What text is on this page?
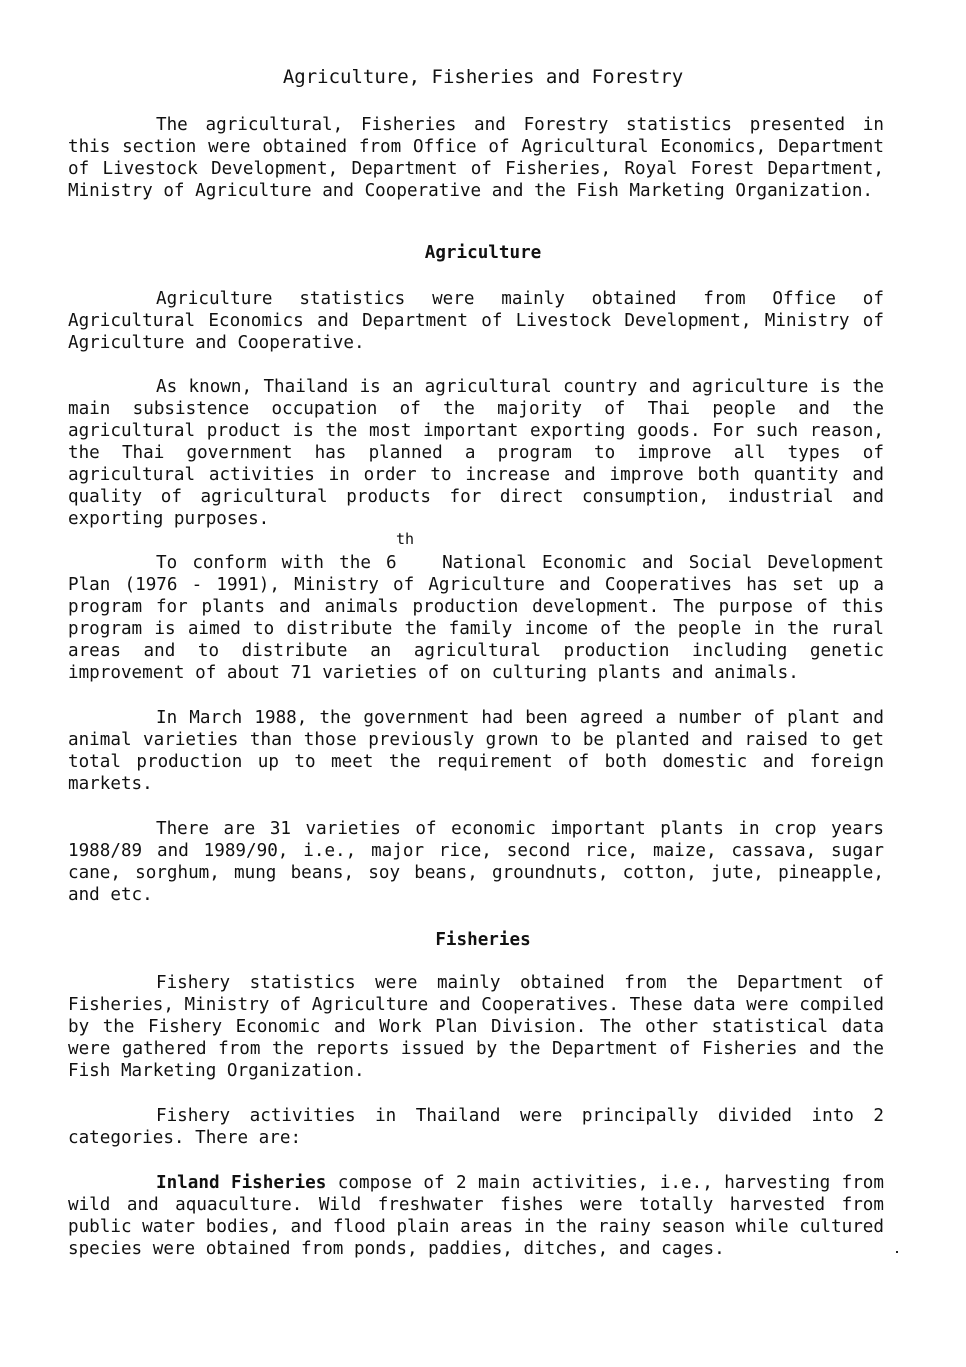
Agriculture, Fisheries and Forestry

The agricultural, Fisheries and Forestry statistics presented in this section were obtained from Office of Agricultural Economics, Department of Livestock Development, Department of Fisheries, Royal Forest Department, Ministry of Agriculture and Cooperative and the Fish Marketing Organization.

Agriculture

Agriculture statistics were mainly obtained from Office of Agricultural Economics and Department of Livestock Development, Ministry of Agriculture and Cooperative.

As known, Thailand is an agricultural country and agriculture is the main subsistence occupation of the majority of Thai people and the agricultural product is the most important exporting goods. For such reason, the Thai government has planned a program to improve all types of agricultural activities in order to increase and improve both quantity and quality of agricultural products for direct consumption, industrial and exporting purposes.

th

To conform with the 6	National Economic and Social Development Plan (1976 - 1991), Ministry of Agriculture and Cooperatives has set up a program for plants and animals production development. The purpose of this program is aimed to distribute the family income of the people in the rural areas and to distribute an agricultural production including genetic improvement of about 71 varieties of on culturing plants and animals.

In March 1988, the government had been agreed a number of plant and animal varieties than those previously grown to be planted and raised to get total production up to meet the requirement of both domestic and foreign markets.

There are 31 varieties of economic important plants in crop years 1988/89 and 1989/90, i.e., major rice, second rice, maize, cassava, sugar cane, sorghum, mung beans, soy beans, groundnuts, cotton, jute, pineapple, and etc.

Fisheries

Fishery statistics were mainly obtained from the Department of Fisheries, Ministry of Agriculture and Cooperatives. These data were compiled by the Fishery Economic and Work Plan Division. The other statistical data were gathered from the reports issued by the Department of Fisheries and the Fish Marketing Organization.

Fishery activities in Thailand were principally divided into 2 categories. There are:

Inland Fisheries compose of 2 main activities, i.e., harvesting from wild and aquaculture. Wild freshwater fishes were totally harvested from public water bodies, and flood plain areas in the rainy season while cultured species were obtained from ponds, paddies, ditches, and cages.
